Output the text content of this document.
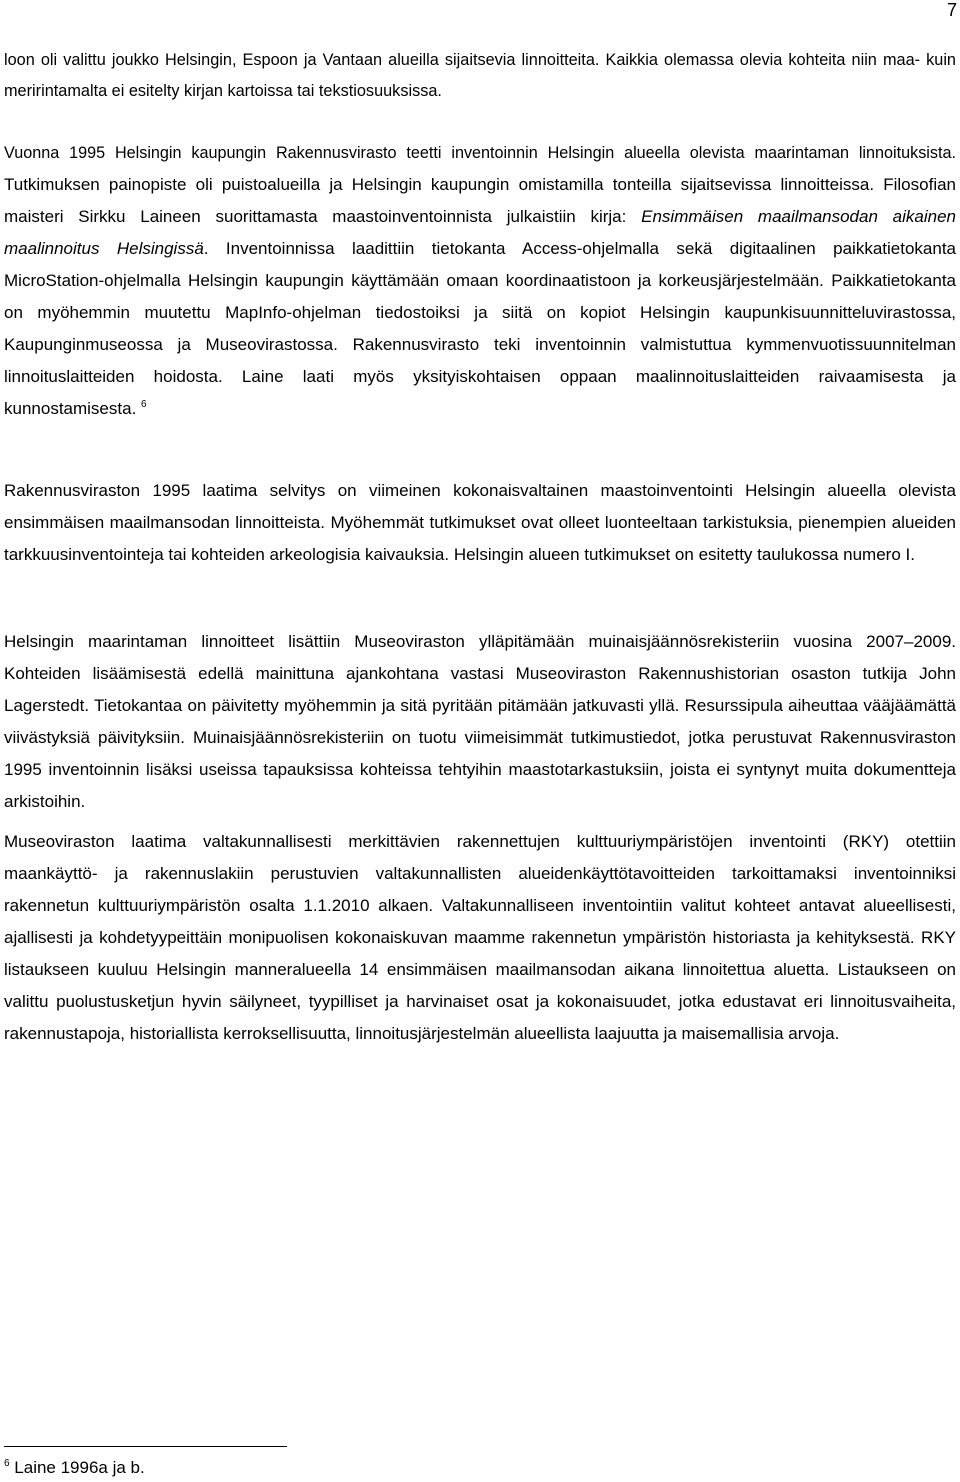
7

loon oli valittu joukko Helsingin, Espoon ja Vantaan alueilla sijaitsevia linnoitteita. Kaikkia olemassa olevia kohteita niin maa- kuin meririntamalta ei esitelty kirjan kartoissa tai tekstiosuuksissa.

Vuonna 1995 Helsingin kaupungin Rakennusvirasto teetti inventoinnin Helsingin alueella olevista maarintaman linnoituksista. Tutkimuksen painopiste oli puistoalueilla ja Helsingin kaupungin omistamilla tonteilla sijaitsevissa linnoitteissa. Filosofian maisteri Sirkku Laineen suorittamasta maastoinventoinnista julkaistiin kirja: Ensimmäisen maailmansodan aikainen maalinnoitus Helsingissä. Inventoinnissa laadittiin tietokanta Access-ohjelmalla sekä digitaalinen paikkatietokanta MicroStation-ohjelmalla Helsingin kaupungin käyttämään omaan koordinaatistoon ja korkeusjärjestelmään. Paikkatietokanta on myöhemmin muutettu MapInfo-ohjelman tiedostoiksi ja siitä on kopiot Helsingin kaupunkisuunnitteluvirastossa, Kaupunginmuseossa ja Museovirastossa. Rakennusvirasto teki inventoinnin valmistuttua kymmenvuotissuunnitelman linnoituslaitteiden hoidosta. Laine laati myös yksityiskohtaisen oppaan maalinnoituslaitteiden raivaamisesta ja kunnostamisesta. $^6$

Rakennusviraston 1995 laatima selvitys on viimeinen kokonaisvaltainen maastoinventointi Helsingin alueella olevista ensimmäisen maailmansodan linnoitteista. Myöhemmät tutkimukset ovat olleet luonteeltaan tarkistuksia, pienempien alueiden tarkkuusinventointeja tai kohteiden arkeologisia kaivauksia. Helsingin alueen tutkimukset on esitetty taulukossa numero I.

Helsingin maarintaman linnoitteet lisättiin Museoviraston ylläpitämään muinaisjäännösrekisteriin vuosina 2007–2009. Kohteiden lisäämisestä edellä mainittuna ajankohtana vastasi Museoviraston Rakennushistorian osaston tutkija John Lagerstedt. Tietokantaa on päivitetty myöhemmin ja sitä pyritään pitämään jatkuvasti yllä. Resurssipula aiheuttaa vääjäämättä viivästyksiä päivityksiin. Muinaisjäännösrekisteriin on tuotu viimeisimmät tutkimustiedot, jotka perustuvat Rakennusviraston 1995 inventoinnin lisäksi useissa tapauksissa kohteissa tehtyihin maastotarkastuksiin, joista ei syntynyt muita dokumentteja arkistoihin.

Museoviraston laatima valtakunnallisesti merkittävien rakennettujen kulttuuriympäristöjen inventointi (RKY) otettiin maankäyttö- ja rakennuslakiin perustuvien valtakunnallisten alueidenkäyttötavoitteiden tarkoittamaksi inventoinniksi rakennetun kulttuuriympäristön osalta 1.1.2010 alkaen. Valtakunnalliseen inventointiin valitut kohteet antavat alueellisesti, ajallisesti ja kohdetyypeittäin monipuolisen kokonaiskuvan maamme rakennetun ympäristön historiasta ja kehityksestä. RKY listaukseen kuuluu Helsingin manneralueella 14 ensimmäisen maailmansodan aikana linnoitettua aluetta. Listaukseen on valittu puolustusketjun hyvin säilyneet, tyypilliset ja harvinaiset osat ja kokonaisuudet, jotka edustavat eri linnoitusvaiheita, rakennustapoja, historiallista kerroksellisuutta, linnoitusjärjestelmän alueellista laajuutta ja maisemallisia arvoja.

$^6$ Laine 1996a ja b.
